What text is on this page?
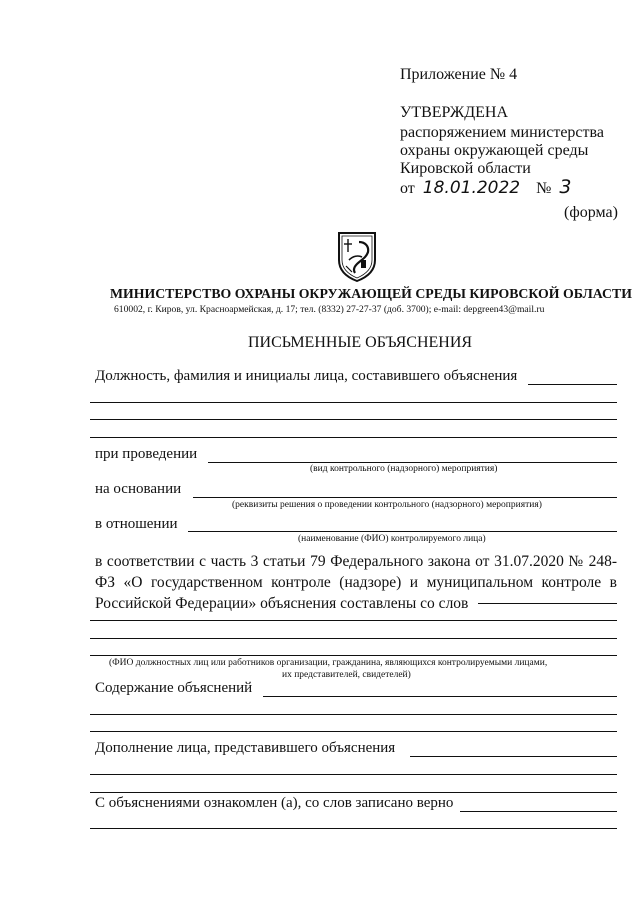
Приложение № 4
УТВЕРЖДЕНА
распоряжением министерства
охраны окружающей среды
Кировской области
от 18.01.2022 № 3
(форма)
МИНИСТЕРСТВО ОХРАНЫ ОКРУЖАЮЩЕЙ СРЕДЫ КИРОВСКОЙ ОБЛАСТИ
610002, г. Киров, ул. Красноармейская, д. 17; тел. (8332) 27-27-37 (доб. 3700); e-mail: depgreen43@mail.ru
ПИСЬМЕННЫЕ ОБЪЯСНЕНИЯ
Должность, фамилия и инициалы лица, составившего объяснения
при проведении
(вид контрольного (надзорного) мероприятия)
на основании
(реквизиты решения о проведении контрольного (надзорного) мероприятия)
в отношении
(наименование (ФИО) контролируемого лица)
в соответствии с часть 3 статьи 79 Федерального закона от 31.07.2020 № 248-ФЗ «О государственном контроле (надзоре) и муниципальном контроле в Российской Федерации» объяснения составлены со слов
(ФИО должностных лиц или работников организации, гражданина, являющихся контролируемыми лицами,
их представителей, свидетелей)
Содержание объяснений
Дополнение лица, представившего объяснения
С объяснениями ознакомлен (а), со слов записано верно
